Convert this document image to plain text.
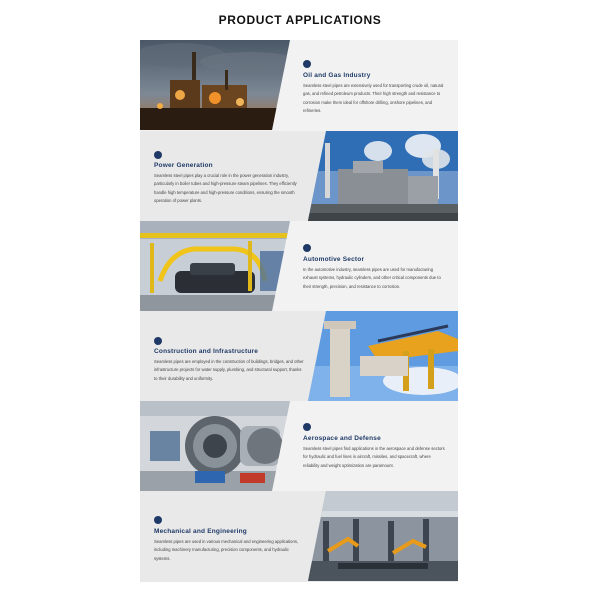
PRODUCT APPLICATIONS
Oil and Gas Industry
Seamless steel pipes are extensively used for transporting crude oil, natural gas, and refined petroleum products. Their high strength and resistance to corrosion make them ideal for offshore drilling, onshore pipelines, and refineries.
Power Generation
Seamless steel pipes play a crucial role in the power generation industry, particularly in boiler tubes and high-pressure steam pipelines. They efficiently handle high temperature and high-pressure conditions, ensuring the smooth operation of power plants.
Automotive Sector
In the automotive industry, seamless pipes are used for manufacturing exhaust systems, hydraulic cylinders, and other critical components due to their strength, precision, and resistance to corrosion.
Construction and Infrastructure
Seamless pipes are employed in the construction of buildings, bridges, and other infrastructure projects for water supply, plumbing, and structural support, thanks to their durability and uniformity.
Aerospace and Defense
Seamless steel pipes find applications in the aerospace and defense sectors for hydraulic and fuel lines in aircraft, missiles, and spacecraft, where reliability and weight optimization are paramount.
Mechanical and Engineering
Seamless pipes are used in various mechanical and engineering applications, including machinery manufacturing, precision components, and hydraulic systems.
